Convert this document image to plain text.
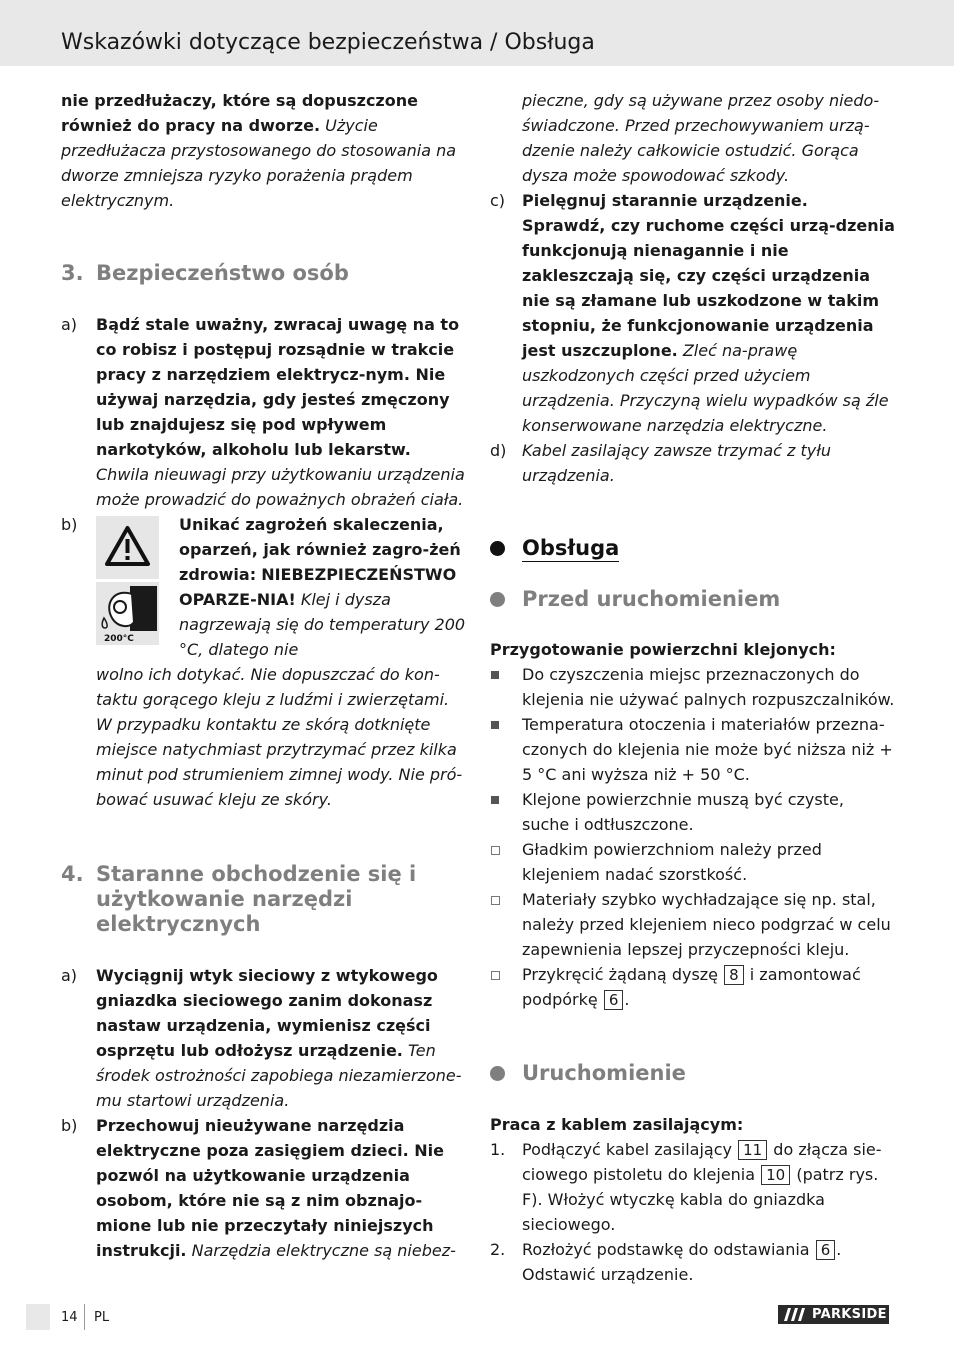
Wskazówki dotyczące bezpieczeństwa / Obsługa

nie przedłużaczy, które są dopuszczone również do pracy na dworze. Użycie przedłużacza przystosowanego do stosowania na dworze zmniejsza ryzyko porażenia prądem elektrycznym.

3. Bezpieczeństwo osób
a) Bądź stale uważny, zwracaj uwagę na to co robisz i postępuj rozsądnie w trakcie pracy z narzędziem elektrycz-nym. Nie używaj narzędzia, gdy jesteś zmęczony lub znajdujesz się pod wpływem narkotyków, alkoholu lub lekarstw. Chwila nieuwagi przy użytkowaniu urządzenia może prowadzić do poważnych obrażeń ciała.
b)
200°C
Unikać zagrożeń skaleczenia, oparzeń, jak również zagro-żeń zdrowia: NIEBEZPIECZEŃSTWO OPARZE-NIA! Klej i dysza nagrzewają się do temperatury 200 °C, dlatego nie

wolno ich dotykać. Nie dopuszczać do kon-taktu gorącego kleju z ludźmi i zwierzętami. W przypadku kontaktu ze skórą dotknięte miejsce natychmiast przytrzymać przez kilka minut pod strumieniem zimnej wody. Nie pró-bować usuwać kleju ze skóry.

4. Staranne obchodzenie się i użytkowanie narzędzi elektrycznych
a) Wyciągnij wtyk sieciowy z wtykowego gniazdka sieciowego zanim dokonasz nastaw urządzenia, wymienisz części osprzętu lub odłożysz urządzenie. Ten środek ostrożności zapobiega niezamierzone-mu startowi urządzenia.
b) Przechowuj nieużywane narzędzia elektryczne poza zasięgiem dzieci. Nie pozwól na użytkowanie urządzenia osobom, które nie są z nim obznajo-mione lub nie przeczytały niniejszych instrukcji. Narzędzia elektryczne są niebez-

pieczne, gdy są używane przez osoby niedo-świadczone. Przed przechowywaniem urzą-dzenie należy całkowicie ostudzić. Gorąca dysza może spowodować szkody.

c) Pielęgnuj starannie urządzenie. Sprawdź, czy ruchome części urzą-dzenia funkcjonują nienagannie i nie zakleszczają się, czy części urządzenia nie są złamane lub uszkodzone w takim stopniu, że funkcjonowanie urządzenia jest uszczuplone. Zleć na-prawę uszkodzonych części przed użyciem urządzenia. Przyczyną wielu wypadków są źle konserwowane narzędzia elektryczne.
d) Kabel zasilający zawsze trzymać z tyłu urządzenia.
Obsługa
Przed uruchomieniem

Przygotowanie powierzchni klejonych:

Do czyszczenia miejsc przeznaczonych do klejenia nie używać palnych rozpuszczalników.
Temperatura otoczenia i materiałów przezna-czonych do klejenia nie może być niższa niż + 5 °C ani wyższa niż + 50 °C.
Klejone powierzchnie muszą być czyste, suche i odtłuszczone.
Gładkim powierzchniom należy przed klejeniem nadać szorstkość.
Materiały szybko wychładzające się np. stal, należy przed klejeniem nieco podgrzać w celu zapewnienia lepszej przyczepności kleju.
Przykręcić żądaną dyszę 8 i zamontować podpórkę 6 .
Uruchomienie

Praca z kablem zasilającym:

1. Podłączyć kabel zasilający 11 do złącza sie-ciowego pistoletu do klejenia 10 (patrz rys. F). Włożyć wtyczkę kabla do gniazdka sieciowego.
2. Rozłożyć podstawkę do odstawiania 6 . Odstawić urządzenie.
14 PL	PARKSIDE
